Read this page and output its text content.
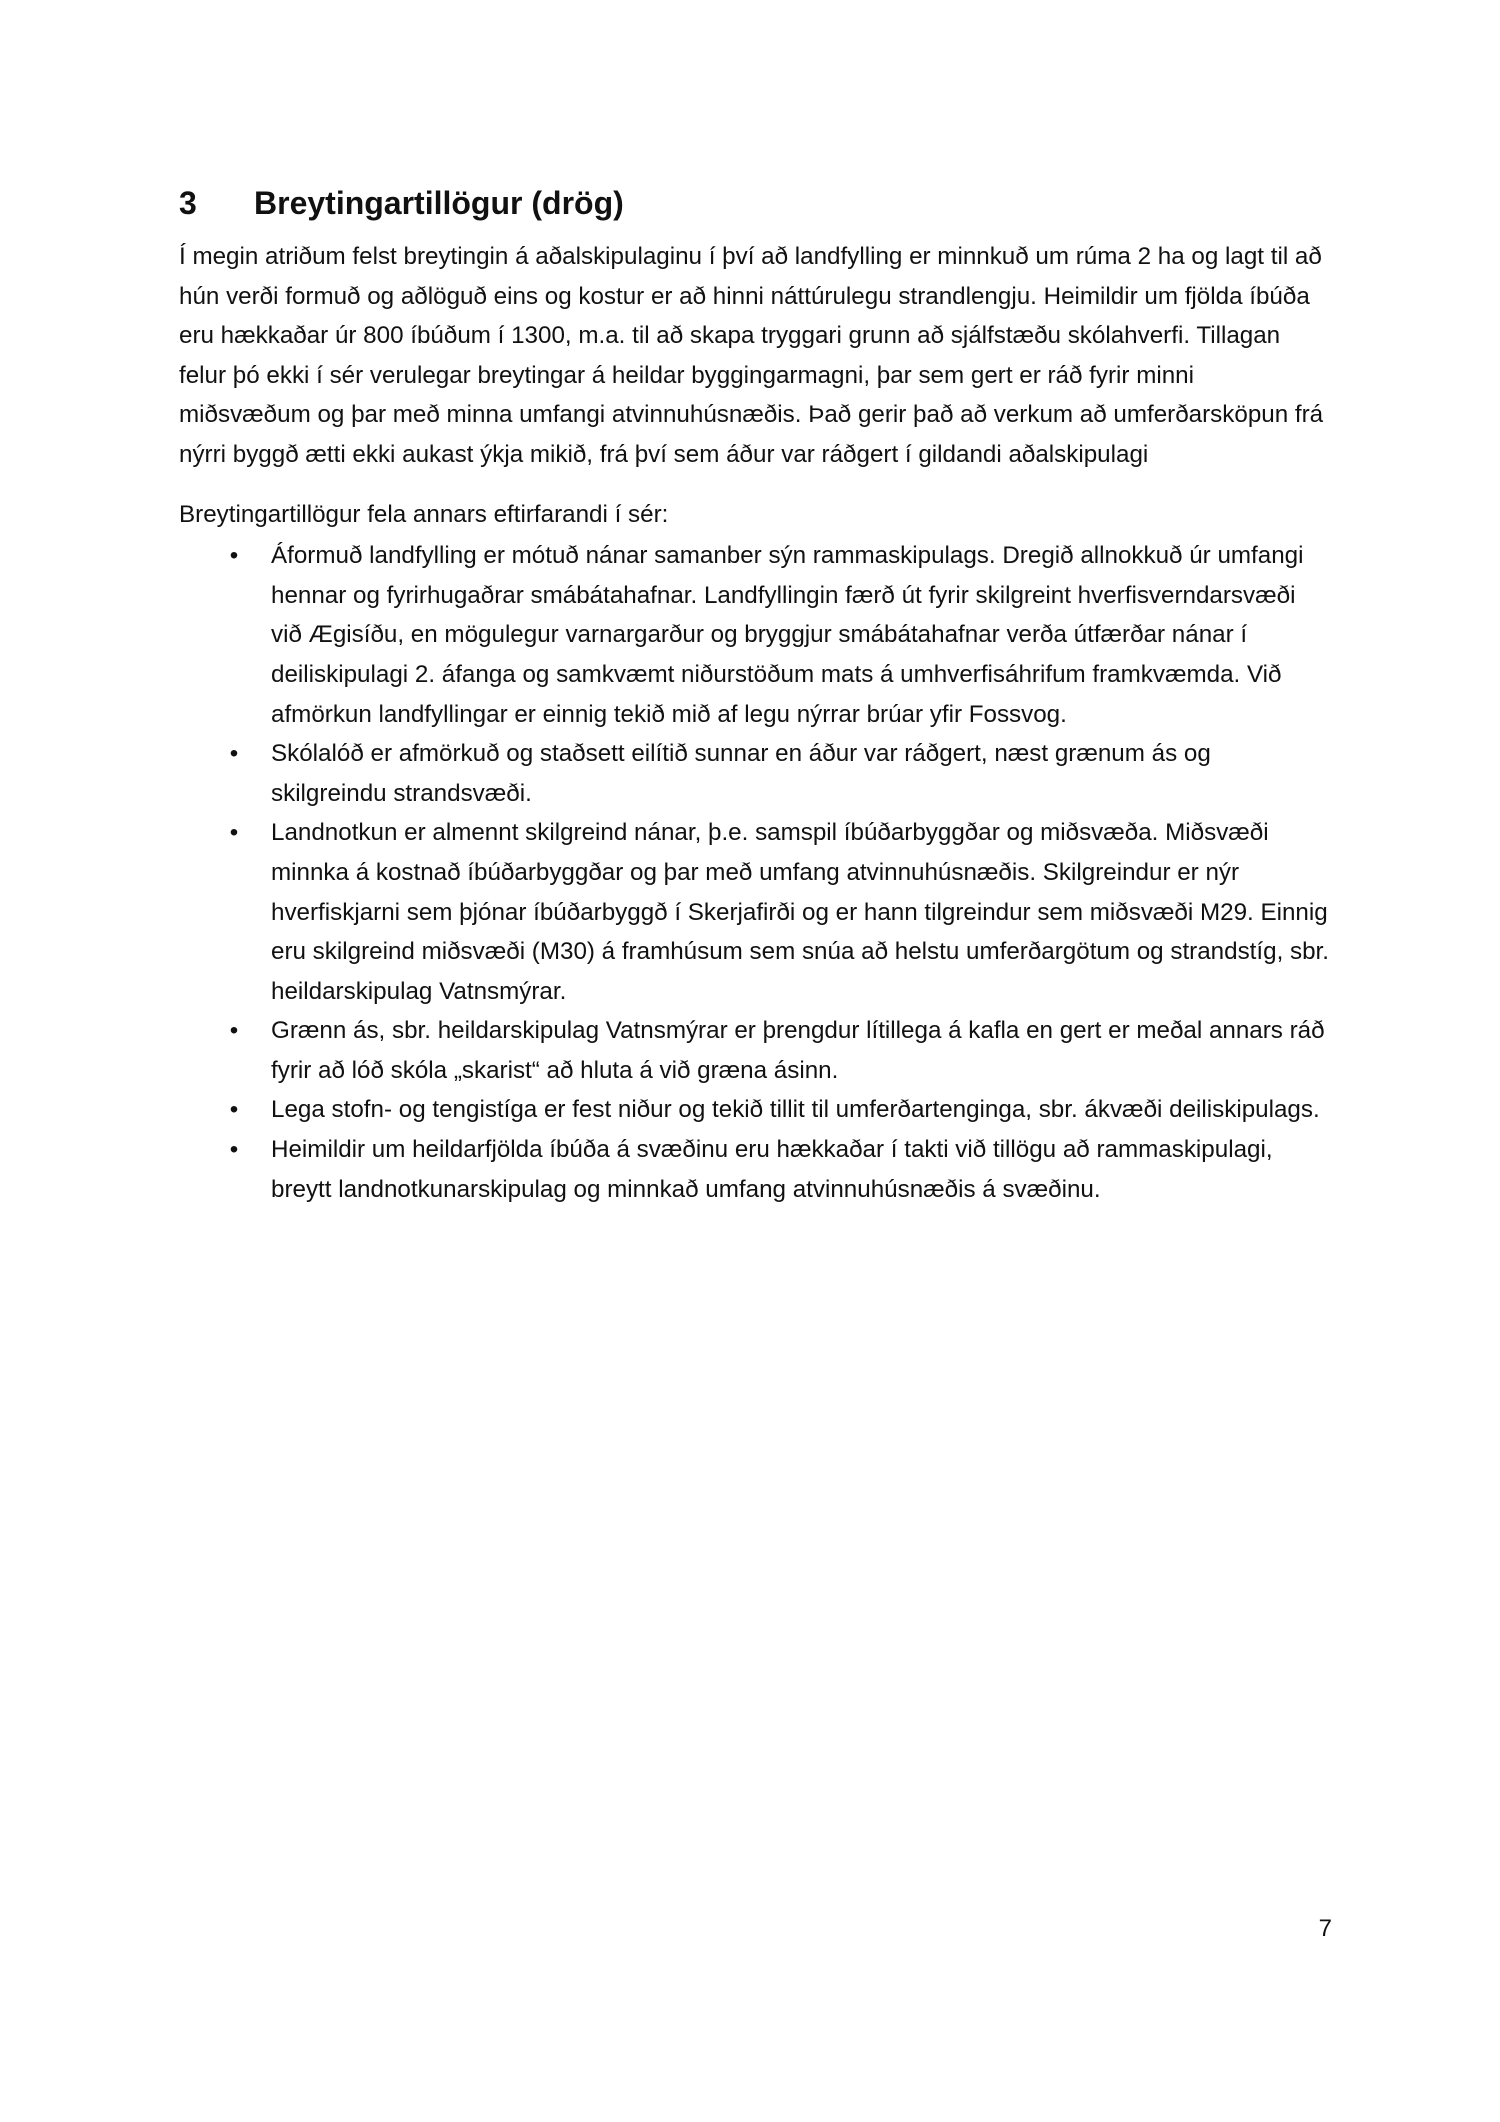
3	Breytingartillögur (drög)

Í megin atriðum felst breytingin á aðalskipulaginu í því að landfylling er minnkuð um rúma 2 ha og lagt til að hún verði formuð og aðlöguð eins og kostur er að hinni náttúrulegu strandlengju. Heimildir um fjölda íbúða eru hækkaðar úr 800 íbúðum í 1300, m.a. til að skapa tryggari grunn að sjálfstæðu skólahverfi. Tillagan felur þó ekki í sér verulegar breytingar á heildar byggingarmagni, þar sem gert er ráð fyrir minni miðsvæðum og þar með minna umfangi atvinnuhúsnæðis. Það gerir það að verkum að umferðarsköpun frá nýrri byggð ætti ekki aukast ýkja mikið, frá því sem áður var ráðgert í gildandi aðalskipulagi

Breytingartillögur fela annars eftirfarandi í sér:

• Áformuð landfylling er mótuð nánar samanber sýn rammaskipulags. Dregið allnokkuð úr umfangi hennar og fyrirhugaðrar smábátahafnar. Landfyllingin færð út fyrir skilgreint hverfisverndarsvæði við Ægisíðu, en mögulegur varnargarður og bryggjur smábátahafnar verða útfærðar nánar í deiliskipulagi 2. áfanga og samkvæmt niðurstöðum mats á umhverfisáhrifum framkvæmda. Við afmörkun landfyllingar er einnig tekið mið af legu nýrrar brúar yfir Fossvog.
• Skólalóð er afmörkuð og staðsett eilítið sunnar en áður var ráðgert, næst grænum ás og skilgreindu strandsvæði.
• Landnotkun er almennt skilgreind nánar, þ.e. samspil íbúðarbyggðar og miðsvæða. Miðsvæði minnka á kostnað íbúðarbyggðar og þar með umfang atvinnuhúsnæðis. Skilgreindur er nýr hverfiskjarni sem þjónar íbúðarbyggð í Skerjafirði og er hann tilgreindur sem miðsvæði M29. Einnig eru skilgreind miðsvæði (M30) á framhúsum sem snúa að helstu umferðargötum og strandstíg, sbr. heildarskipulag Vatnsmýrar.
• Grænn ás, sbr. heildarskipulag Vatnsmýrar er þrengdur lítillega á kafla en gert er meðal annars ráð fyrir að lóð skóla „skarist“ að hluta á við græna ásinn.
• Lega stofn- og tengistíga er fest niður og tekið tillit til umferðartenginga, sbr. ákvæði deiliskipulags.
• Heimildir um heildarfjölda íbúða á svæðinu eru hækkaðar í takti við tillögu að rammaskipulagi, breytt landnotkunarskipulag og minnkað umfang atvinnuhúsnæðis á svæðinu.
7
